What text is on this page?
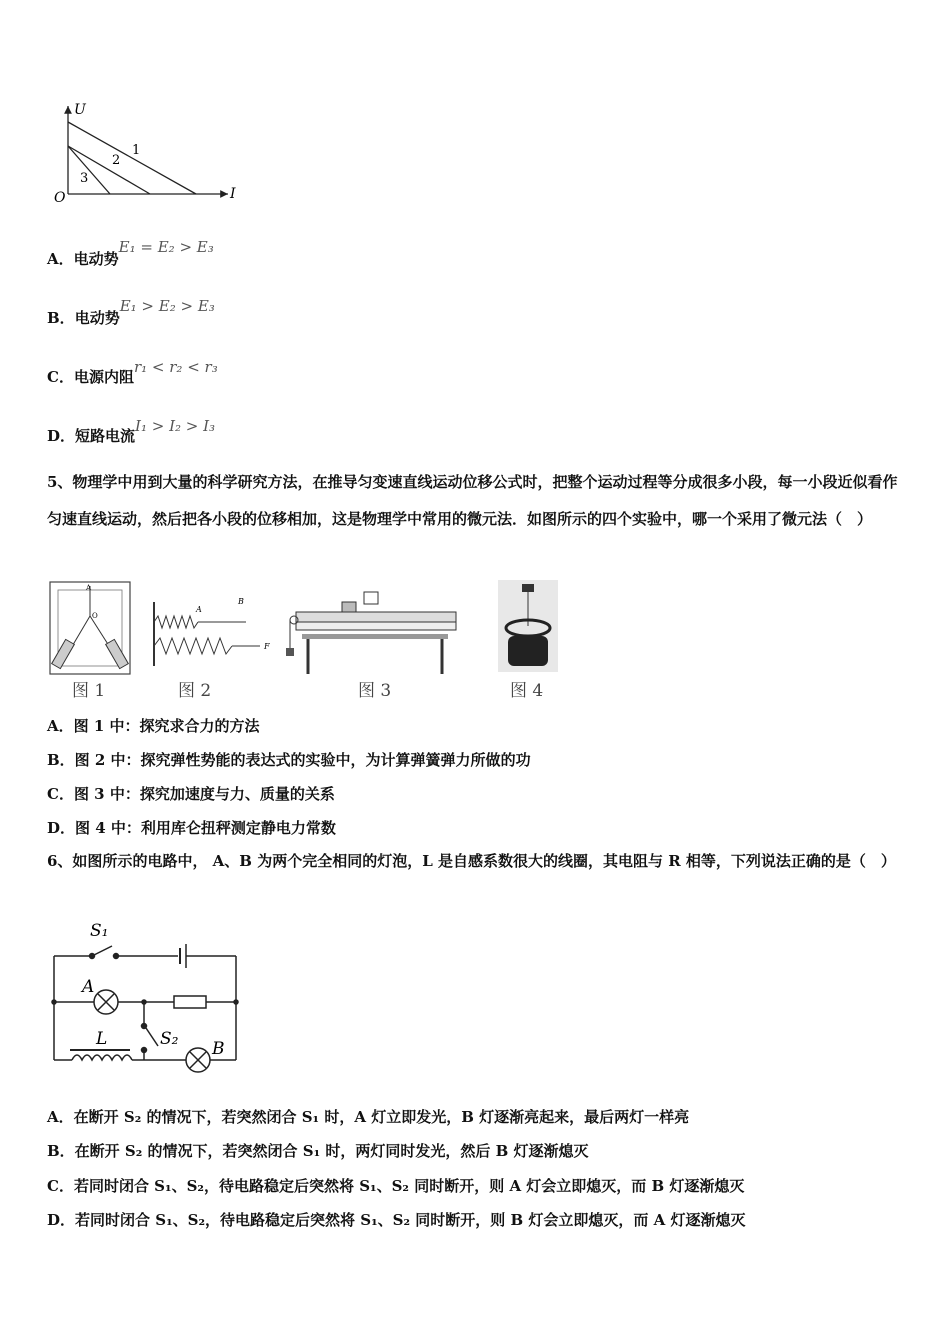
U
I
O
1
2
3
A．电动势E₁ = E₂ > E₃
B．电动势E₁ > E₂ > E₃
C．电源内阻r₁ < r₂ < r₃
D．短路电流I₁ > I₂ > I₃
5、物理学中用到大量的科学研究方法，在推导匀变速直线运动位移公式时，把整个运动过程等分成很多小段，每一小段近似看作匀速直线运动，然后把各小段的位移相加，这是物理学中常用的微元法．如图所示的四个实验中，哪一个采用了微元法（　）
A
O
图 1
A
B
F
图 2	图 3	图 4
A．图 1 中：探究求合力的方法
B．图 2 中：探究弹性势能的表达式的实验中，为计算弹簧弹力所做的功
C．图 3 中：探究加速度与力、质量的关系
D．图 4 中：利用库仑扭秤测定静电力常数
6、如图所示的电路中， A、B 为两个完全相同的灯泡，L 是自感系数很大的线圈，其电阻与 R 相等，下列说法正确的是（　）
S₁
A
S₂
L	B
A．在断开 S₂ 的情况下，若突然闭合 S₁ 时，A 灯立即发光，B 灯逐渐亮起来，最后两灯一样亮
B．在断开 S₂ 的情况下，若突然闭合 S₁ 时，两灯同时发光，然后 B 灯逐渐熄灭
C．若同时闭合 S₁、S₂，待电路稳定后突然将 S₁、S₂ 同时断开，则 A 灯会立即熄灭，而 B 灯逐渐熄灭
D．若同时闭合 S₁、S₂，待电路稳定后突然将 S₁、S₂ 同时断开，则 B 灯会立即熄灭，而 A 灯逐渐熄灭
